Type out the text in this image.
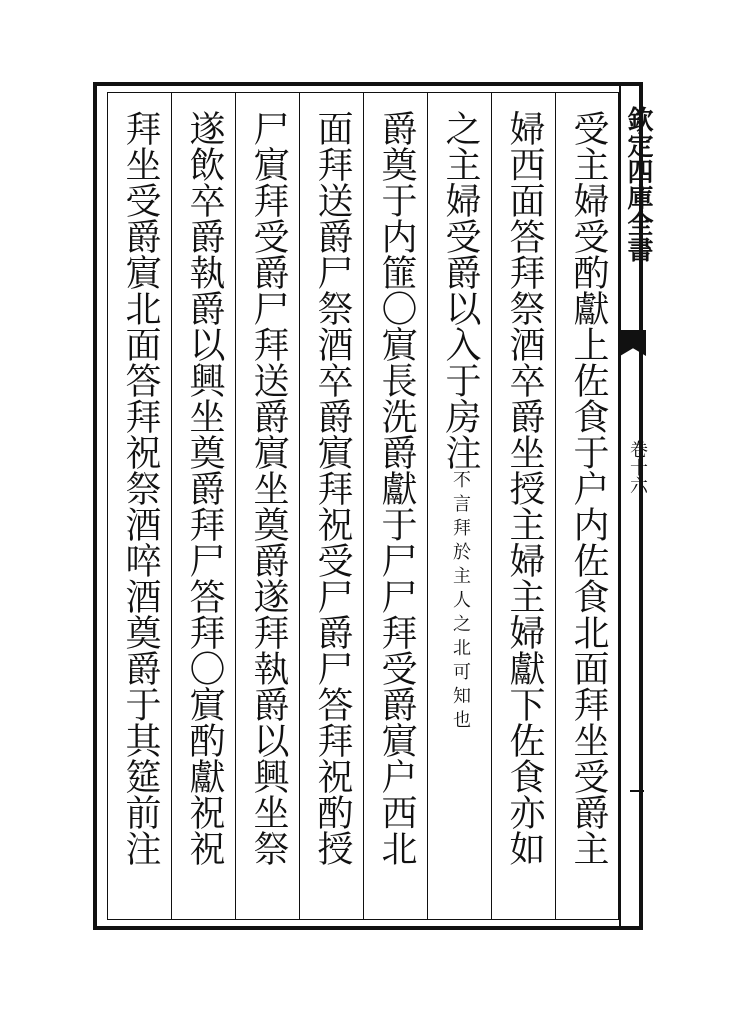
欽定四庫全書
卷十六
受主婦受酌獻上佐食于户内佐食北面拜坐受爵主
婦西面答拜祭酒卒爵坐授主婦主婦獻下佐食亦如
之主婦受爵以入于房注不言拜於主人之北可知也
爵奠于内篚〇賔長洗爵獻于尸尸拜受爵賔户西北
面拜送爵尸祭酒卒爵賔拜祝受尸爵尸答拜祝酌授
尸賔拜受爵尸拜送爵賔坐奠爵遂拜執爵以興坐祭
遂飲卒爵執爵以興坐奠爵拜尸答拜〇賔酌獻祝祝
拜坐受爵賔北面答拜祝祭酒啐酒奠爵于其筵前注
